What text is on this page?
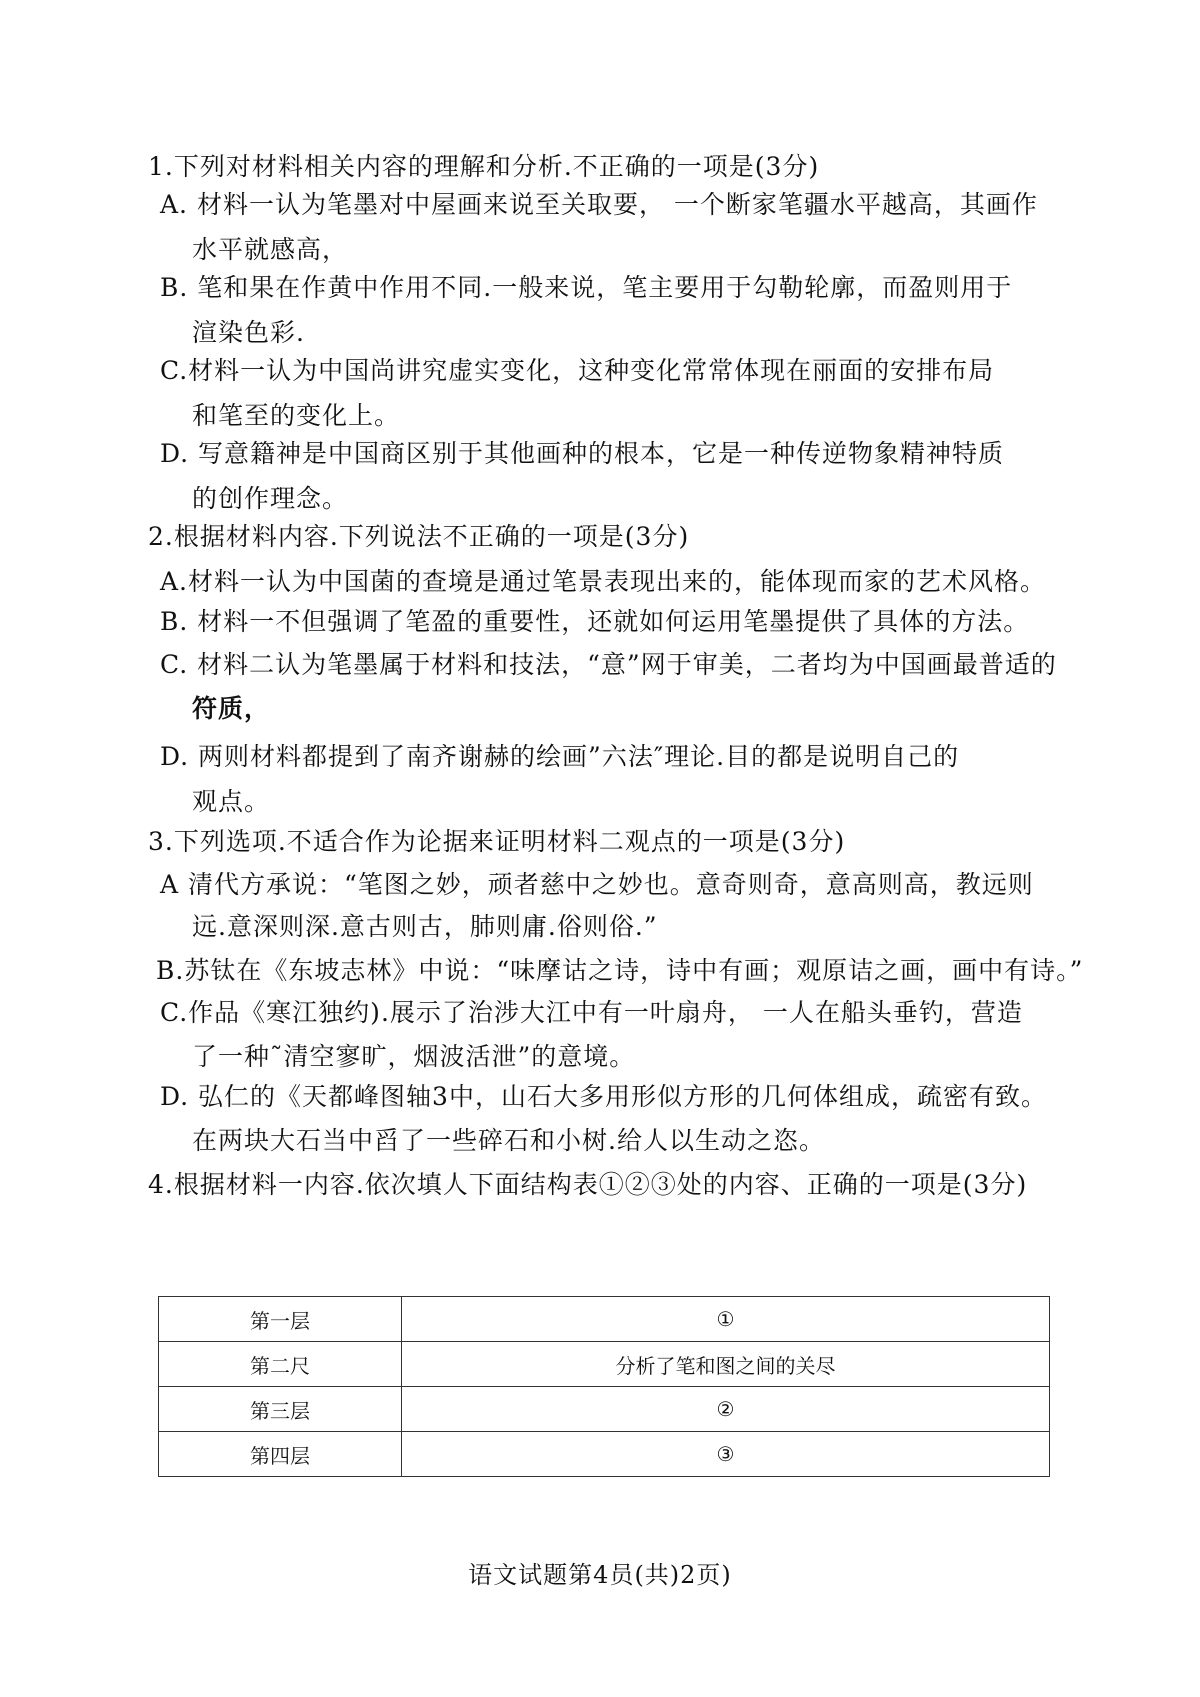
1.下列对材料相关内容的理解和分析.不正确的一项是(3分)
A. 材料一认为笔墨对中屋画来说至关取要， 一个断家笔疆水平越高，其画作
水平就感高，
B. 笔和果在作黄中作用不同.一般来说，笔主要用于勾勒轮廓，而盈则用于
渲染色彩.
C.材料一认为中国尚讲究虚实变化，这种变化常常体现在丽面的安排布局
和笔至的变化上。
D. 写意籍神是中国商区别于其他画种的根本，它是一种传逆物象精神特质
的创作理念。
2.根据材料内容.下列说法不正确的一项是(3分)
A.材料一认为中国菌的查境是通过笔景表现出来的，能体现而家的艺术风格。
B. 材料一不但强调了笔盈的重要性，还就如何运用笔墨提供了具体的方法。
C. 材料二认为笔墨属于材料和技法，“意”网于审美，二者均为中国画最普适的
符质，
D. 两则材料都提到了南齐谢赫的绘画”六法″理论.目的都是说明自己的
观点。
3.下列选项.不适合作为论据来证明材料二观点的一项是(3分)
A 清代方承说：“笔图之妙，顽者慈中之妙也。意奇则奇，意高则高，教远则
远.意深则深.意古则古，肺则庸.俗则俗.”
B.苏钛在《东坡志林》中说：“味摩诂之诗，诗中有画；观原诘之画，画中有诗。”
C.作品《寒江独约).展示了治涉大江中有一叶扇舟， 一人在船头垂钓，营造
了一种˜清空寥旷，烟波活泄”的意境。
D. 弘仁的《天都峰图轴3中，山石大多用形似方形的几何体组成，疏密有致。
在两块大石当中舀了一些碎石和小树.给人以生动之恣。
4.根据材料一内容.依次填人下面结构表①②③处的内容、正确的一项是(3分)
第一层	①
第二尺	分析了笔和图之间的关尽
第三层	②
第四层	③
语文试题第4员(共)2页)
